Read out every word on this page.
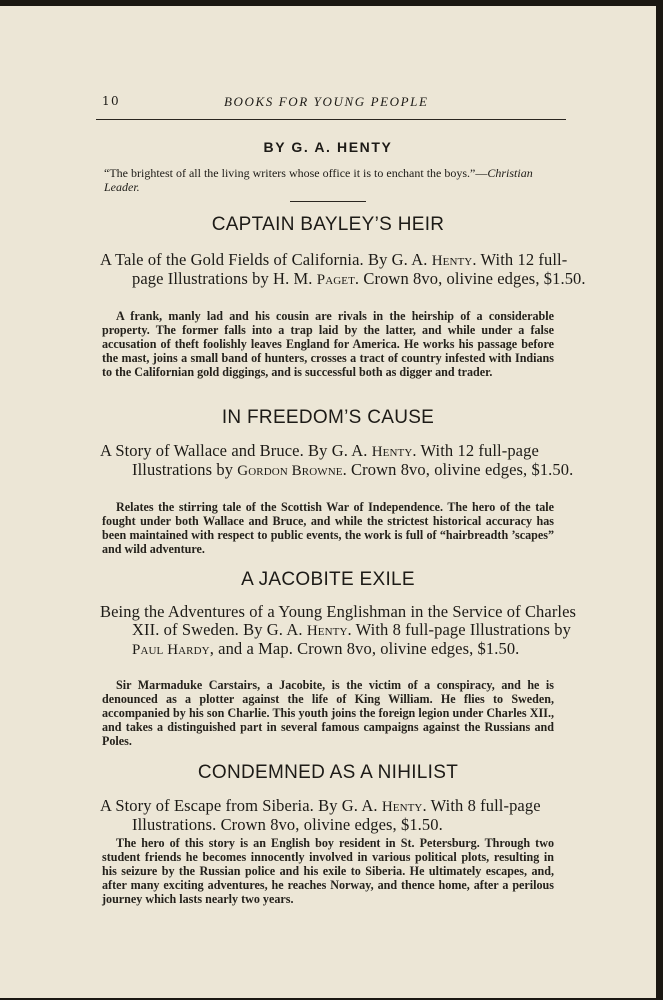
10	BOOKS FOR YOUNG PEOPLE
BY G. A. HENTY
“The brightest of all the living writers whose office it is to enchant the boys.”—Christian Leader.
CAPTAIN BAYLEY’S HEIR
A Tale of the Gold Fields of California. By G. A. Henty. With 12 full-page Illustrations by H. M. Paget. Crown 8vo, olivine edges, $1.50.
A frank, manly lad and his cousin are rivals in the heirship of a considerable property. The former falls into a trap laid by the latter, and while under a false accusation of theft foolishly leaves England for America. He works his passage before the mast, joins a small band of hunters, crosses a tract of country infested with Indians to the Californian gold diggings, and is successful both as digger and trader.
IN FREEDOM’S CAUSE
A Story of Wallace and Bruce. By G. A. Henty. With 12 full-page Illustrations by Gordon Browne. Crown 8vo, olivine edges, $1.50.
Relates the stirring tale of the Scottish War of Independence. The hero of the tale fought under both Wallace and Bruce, and while the strictest historical accuracy has been maintained with respect to public events, the work is full of “hairbreadth ’scapes” and wild adventure.
A JACOBITE EXILE
Being the Adventures of a Young Englishman in the Service of Charles XII. of Sweden. By G. A. Henty. With 8 full-page Illustrations by Paul Hardy, and a Map. Crown 8vo, olivine edges, $1.50.
Sir Marmaduke Carstairs, a Jacobite, is the victim of a conspiracy, and he is denounced as a plotter against the life of King William. He flies to Sweden, accompanied by his son Charlie. This youth joins the foreign legion under Charles XII., and takes a distinguished part in several famous campaigns against the Russians and Poles.
CONDEMNED AS A NIHILIST
A Story of Escape from Siberia. By G. A. Henty. With 8 full-page Illustrations. Crown 8vo, olivine edges, $1.50.
The hero of this story is an English boy resident in St. Petersburg. Through two student friends he becomes innocently involved in various political plots, resulting in his seizure by the Russian police and his exile to Siberia. He ultimately escapes, and, after many exciting adventures, he reaches Norway, and thence home, after a perilous journey which lasts nearly two years.
